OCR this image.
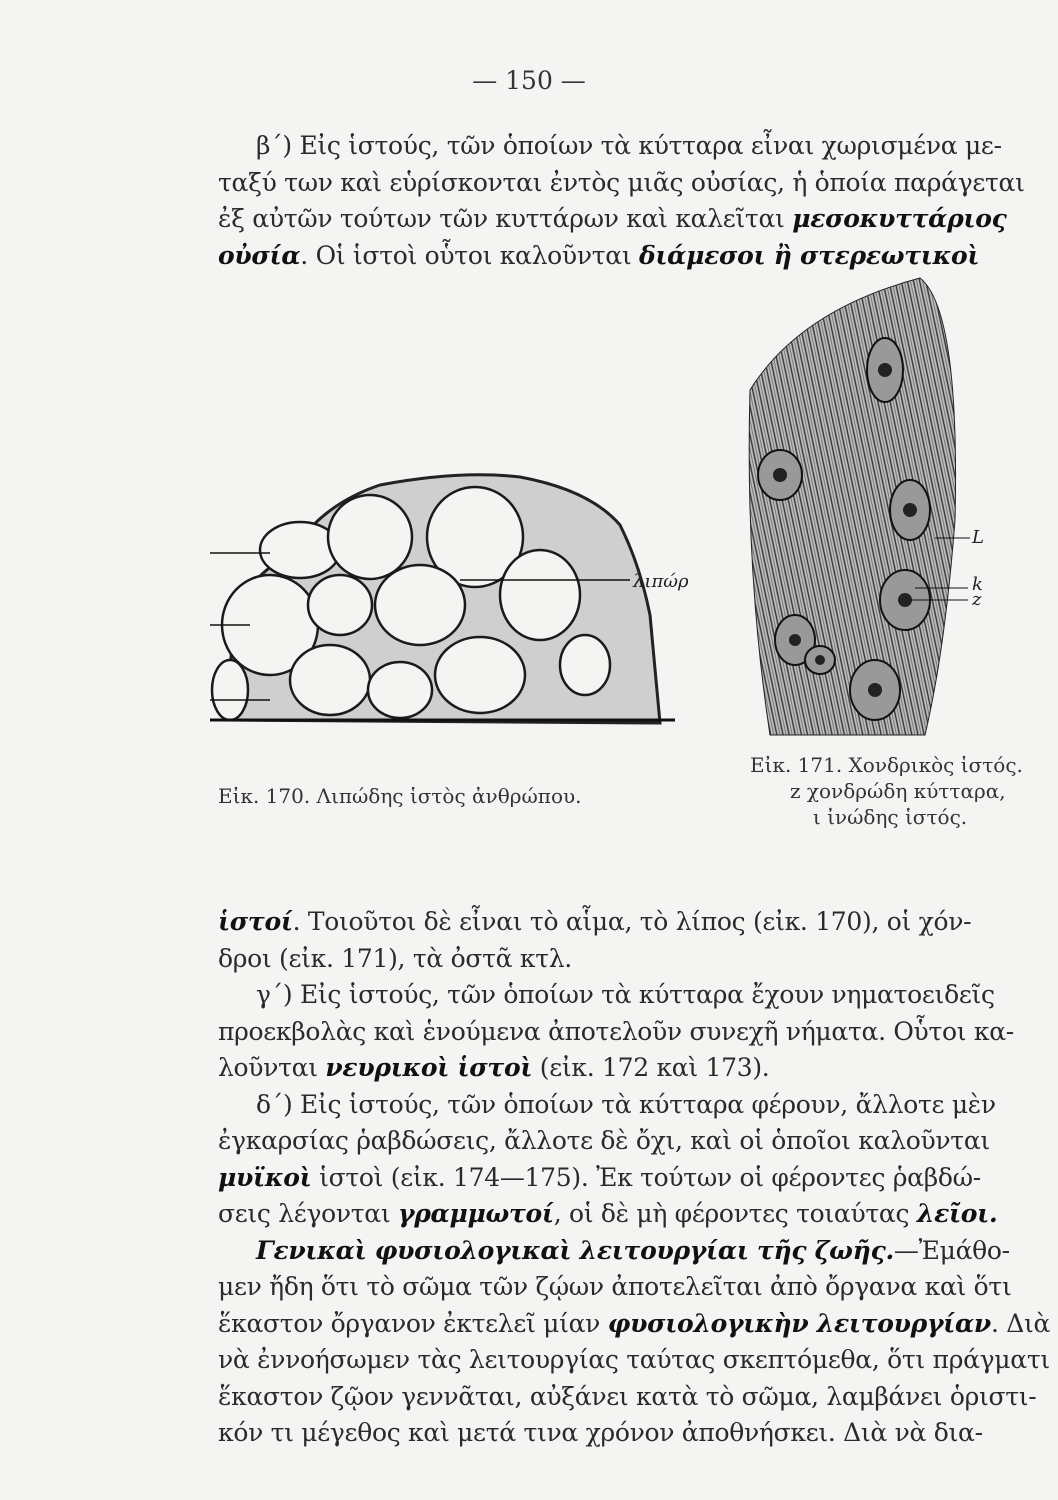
— 150 —
β΄) Εἰς ἱστούς, τῶν ὁποίων τὰ κύτταρα εἶναι χωρισμένα με-
ταξύ των καὶ εὑρίσκονται ἐντὸς μιᾶς οὐσίας, ἡ ὁποία παράγεται
ἐξ αὐτῶν τούτων τῶν κυττάρων καὶ καλεῖται μεσοκυττάριος
οὐσία. Οἱ ἱστοὶ οὗτοι καλοῦνται διάμεσοι ἢ στερεωτικοὶ
λιπώρ
L
k
z
Εἰκ. 170. Λιπώδης ἱστὸς ἀνθρώπου.
Εἰκ. 171. Χονδρικὸς ἱστός.
z χονδρώδη κύτταρα,
ι ἰνώδης ἱστός.
ἱστοί. Τοιοῦτοι δὲ εἶναι τὸ αἷμα, τὸ λίπος (εἰκ. 170), οἱ χόν-
δροι (εἰκ. 171), τὰ ὀστᾶ κτλ.
γ΄) Εἰς ἱστούς, τῶν ὁποίων τὰ κύτταρα ἔχουν νηματοειδεῖς
προεκβολὰς καὶ ἑνούμενα ἀποτελοῦν συνεχῆ νήματα. Οὗτοι κα-
λοῦνται νευρικοὶ ἱστοὶ (εἰκ. 172 καὶ 173).
δ΄) Εἰς ἱστούς, τῶν ὁποίων τὰ κύτταρα φέρουν, ἄλλοτε μὲν
ἐγκαρσίας ῥαβδώσεις, ἄλλοτε δὲ ὄχι, καὶ οἱ ὁποῖοι καλοῦνται
μυϊκοὶ ἱστοὶ (εἰκ. 174—175). Ἐκ τούτων οἱ φέροντες ῥαβδώ-
σεις λέγονται γραμμωτοί, οἱ δὲ μὴ φέροντες τοιαύτας λεῖοι.
Γενικαὶ φυσιολογικαὶ λειτουργίαι τῆς ζωῆς.—Ἐμάθο-
μεν ἤδη ὅτι τὸ σῶμα τῶν ζῴων ἀποτελεῖται ἀπὸ ὄργανα καὶ ὅτι
ἕκαστον ὄργανον ἐκτελεῖ μίαν φυσιολογικὴν λειτουργίαν. Διὰ
νὰ ἐννοήσωμεν τὰς λειτουργίας ταύτας σκεπτόμεθα, ὅτι πράγματι
ἕκαστον ζῷον γεννᾶται, αὐξάνει κατὰ τὸ σῶμα, λαμβάνει ὁριστι-
κόν τι μέγεθος καὶ μετά τινα χρόνον ἀποθνήσκει. Διὰ νὰ δια-
